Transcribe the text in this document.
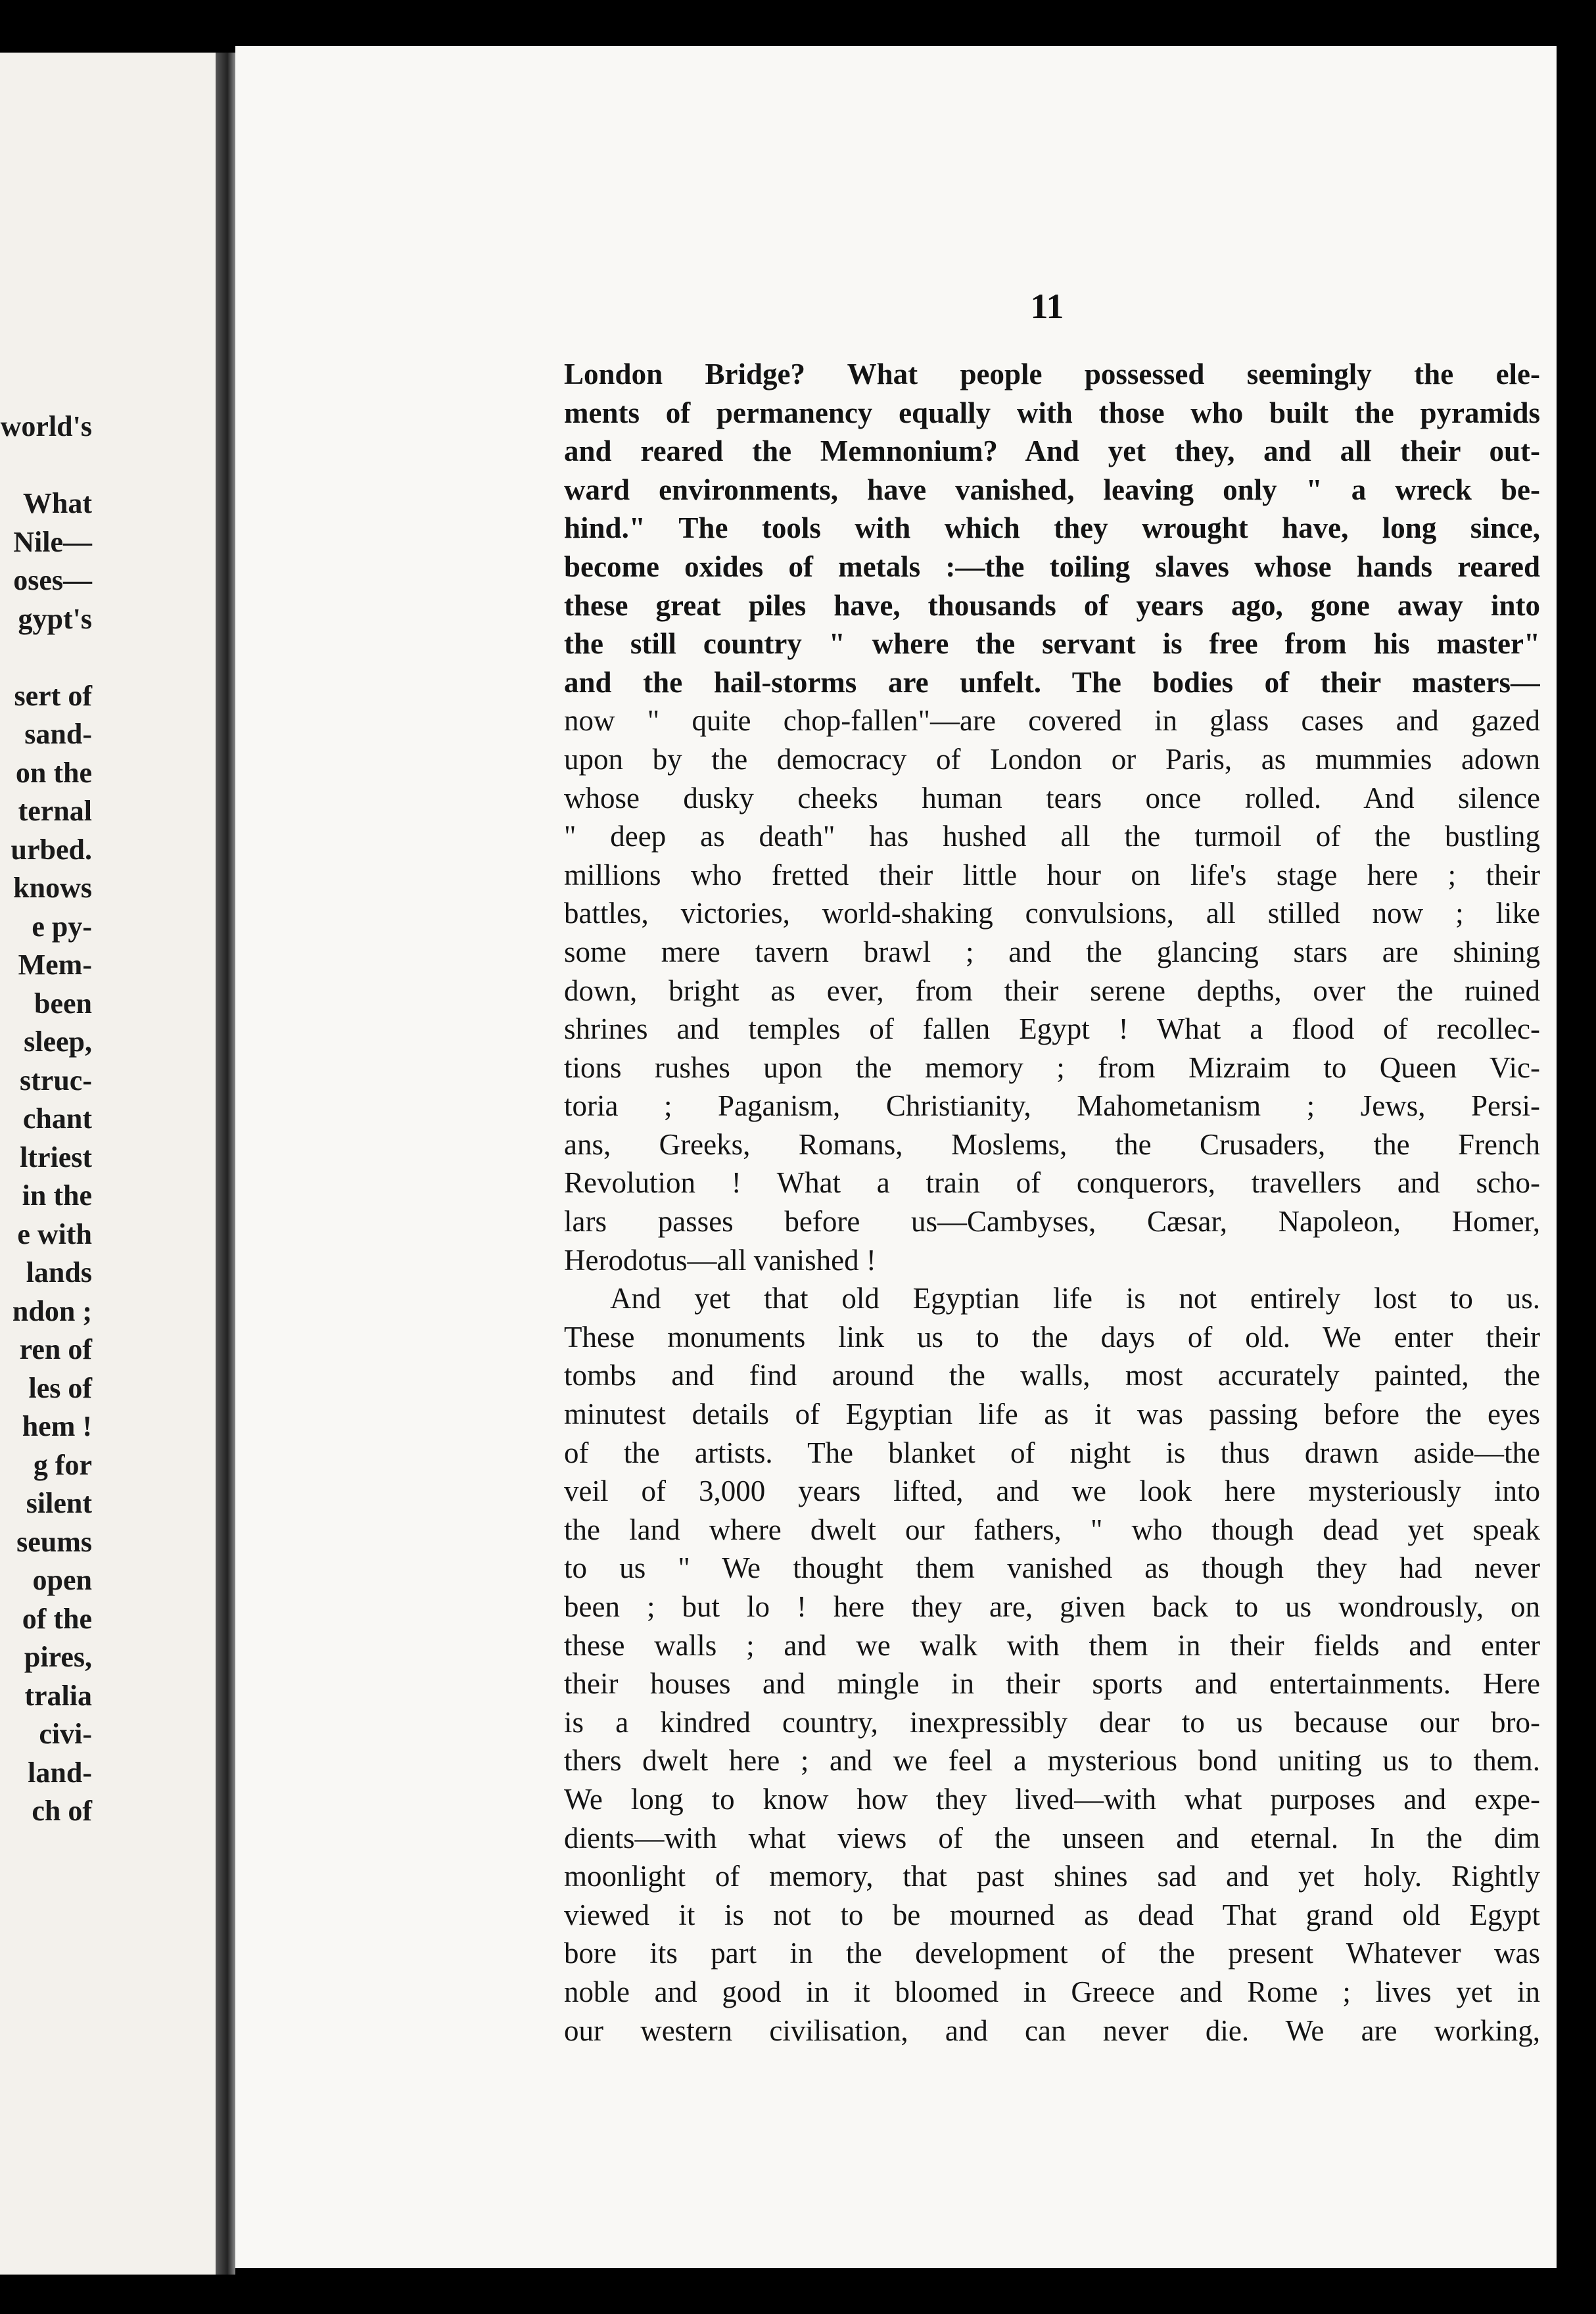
world's

What
Nile—
oses—
gypt's

sert of
sand-
on the
ternal
urbed.
knows
e py-
Mem-
been
sleep,
struc-
chant
ltriest
in the
e with
lands
ndon ;
ren of
les of
hem !
g for
silent
seums
open
of the
pires,
tralia
civi-
land-
ch of
11
London Bridge? What people possessed seemingly the ele-
ments of permanency equally with those who built the pyramids
and reared the Memnonium? And yet they, and all their out-
ward environments, have vanished, leaving only " a wreck be-
hind." The tools with which they wrought have, long since,
become oxides of metals :—the toiling slaves whose hands reared
these great piles have, thousands of years ago, gone away into
the still country " where the servant is free from his master"
and the hail-storms are unfelt. The bodies of their masters—
now " quite chop-fallen"—are covered in glass cases and gazed
upon by the democracy of London or Paris, as mummies adown
whose dusky cheeks human tears once rolled. And silence
" deep as death" has hushed all the turmoil of the bustling
millions who fretted their little hour on life's stage here ; their
battles, victories, world-shaking convulsions, all stilled now ; like
some mere tavern brawl ; and the glancing stars are shining
down, bright as ever, from their serene depths, over the ruined
shrines and temples of fallen Egypt ! What a flood of recollec-
tions rushes upon the memory ; from Mizraim to Queen Vic-
toria ; Paganism, Christianity, Mahometanism ; Jews, Persi-
ans, Greeks, Romans, Moslems, the Crusaders, the French
Revolution ! What a train of conquerors, travellers and scho-
lars passes before us—Cambyses, Cæsar, Napoleon, Homer,
Herodotus—all vanished !
And yet that old Egyptian life is not entirely lost to us.
These monuments link us to the days of old. We enter their
tombs and find around the walls, most accurately painted, the
minutest details of Egyptian life as it was passing before the eyes
of the artists. The blanket of night is thus drawn aside—the
veil of 3,000 years lifted, and we look here mysteriously into
the land where dwelt our fathers, " who though dead yet speak
to us " We thought them vanished as though they had never
been ; but lo ! here they are, given back to us wondrously, on
these walls ; and we walk with them in their fields and enter
their houses and mingle in their sports and entertainments. Here
is a kindred country, inexpressibly dear to us because our bro-
thers dwelt here ; and we feel a mysterious bond uniting us to them.
We long to know how they lived—with what purposes and expe-
dients—with what views of the unseen and eternal. In the dim
moonlight of memory, that past shines sad and yet holy. Rightly
viewed it is not to be mourned as dead That grand old Egypt
bore its part in the development of the present Whatever was
noble and good in it bloomed in Greece and Rome ; lives yet in
our western civilisation, and can never die. We are working,
